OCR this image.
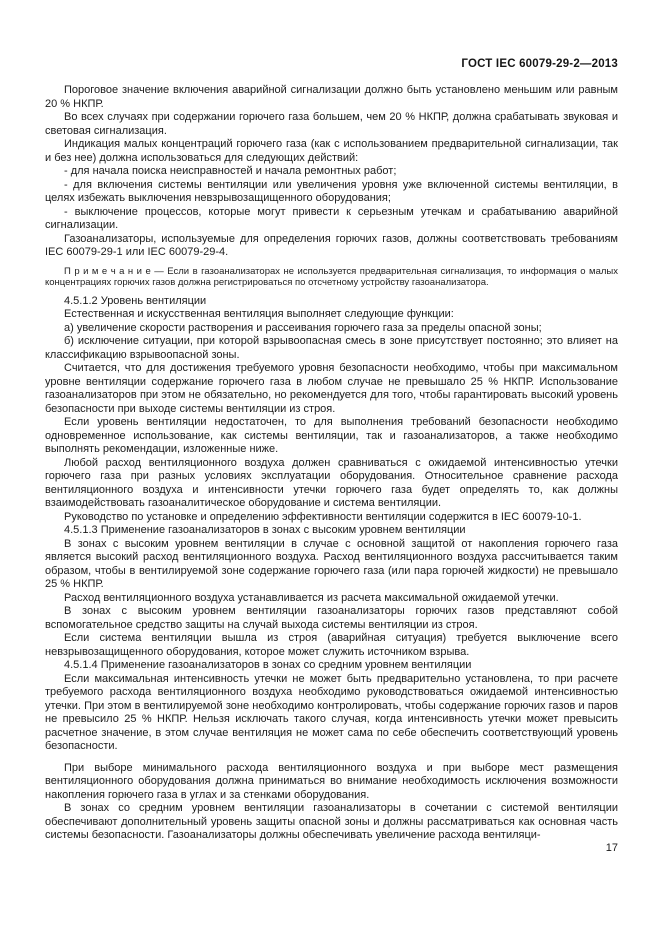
ГОСТ IEC 60079-29-2—2013

Пороговое значение включения аварийной сигнализации должно быть установлено меньшим или равным 20 % НКПР.

Во всех случаях при содержании горючего газа большем, чем 20 % НКПР, должна срабатывать звуковая и световая сигнализация.

Индикация малых концентраций горючего газа (как с использованием предварительной сигнализации, так и без нее) должна использоваться для следующих действий:

- для начала поиска неисправностей и начала ремонтных работ;

- для включения системы вентиляции или увеличения уровня уже включенной системы вентиляции, в целях избежать выключения невзрывозащищенного оборудования;

- выключение процессов, которые могут привести к серьезным утечкам и срабатыванию аварийной сигнализации.

Газоанализаторы, используемые для определения горючих газов, должны соответствовать требованиям IEC 60079-29-1 или IEC 60079-29-4.

П р и м е ч а н и е — Если в газоанализаторах не используется предварительная сигнализация, то информация о малых концентрациях горючих газов должна регистрироваться по отсчетному устройству газоанализатора.

4.5.1.2 Уровень вентиляции

Естественная и искусственная вентиляция выполняет следующие функции:

а) увеличение скорости растворения и рассеивания горючего газа за пределы опасной зоны;

б) исключение ситуации, при которой взрывоопасная смесь в зоне присутствует постоянно; это влияет на классификацию взрывоопасной зоны.

Считается, что для достижения требуемого уровня безопасности необходимо, чтобы при максимальном уровне вентиляции содержание горючего газа в любом случае не превышало 25 % НКПР. Использование газоанализаторов при этом не обязательно, но рекомендуется для того, чтобы гарантировать высокий уровень безопасности при выходе системы вентиляции из строя.

Если уровень вентиляции недостаточен, то для выполнения требований безопасности необходимо одновременное использование, как системы вентиляции, так и газоанализаторов, а также необходимо выполнять рекомендации, изложенные ниже.

Любой расход вентиляционного воздуха должен сравниваться с ожидаемой интенсивностью утечки горючего газа при разных условиях эксплуатации оборудования. Относительное сравнение расхода вентиляционного воздуха и интенсивности утечки горючего газа будет определять то, как должны взаимодействовать газоаналитическое оборудование и система вентиляции.

Руководство по установке и определению эффективности вентиляции содержится в IEC 60079-10-1.

4.5.1.3 Применение газоанализаторов в зонах с высоким уровнем вентиляции

В зонах с высоким уровнем вентиляции в случае с основной защитой от накопления горючего газа является высокий расход вентиляционного воздуха. Расход вентиляционного воздуха рассчитывается таким образом, чтобы в вентилируемой зоне содержание горючего газа (или пара горючей жидкости) не превышало 25 % НКПР.

Расход вентиляционного воздуха устанавливается из расчета максимальной ожидаемой утечки.

В зонах с высоким уровнем вентиляции газоанализаторы горючих газов представляют собой вспомогательное средство защиты на случай выхода системы вентиляции из строя.

Если система вентиляции вышла из строя (аварийная ситуация) требуется выключение всего невзрывозащищенного оборудования, которое может служить источником взрыва.

4.5.1.4 Применение газоанализаторов в зонах со средним уровнем вентиляции

Если максимальная интенсивность утечки не может быть предварительно установлена, то при расчете требуемого расхода вентиляционного воздуха необходимо руководствоваться ожидаемой интенсивностью утечки. При этом в вентилируемой зоне необходимо контролировать, чтобы содержание горючих газов и паров не превысило 25 % НКПР. Нельзя исключать такого случая, когда интенсивность утечки может превысить расчетное значение, в этом случае вентиляция не может сама по себе обеспечить соответствующий уровень безопасности.

При выборе минимального расхода вентиляционного воздуха и при выборе мест размещения вентиляционного оборудования должна приниматься во внимание необходимость исключения возможности накопления горючего газа в углах и за стенками оборудования.

В зонах со средним уровнем вентиляции газоанализаторы в сочетании с системой вентиляции обеспечивают дополнительный уровень защиты опасной зоны и должны рассматриваться как основная часть системы безопасности. Газоанализаторы должны обеспечивать увеличение расхода вентиляци-

17
